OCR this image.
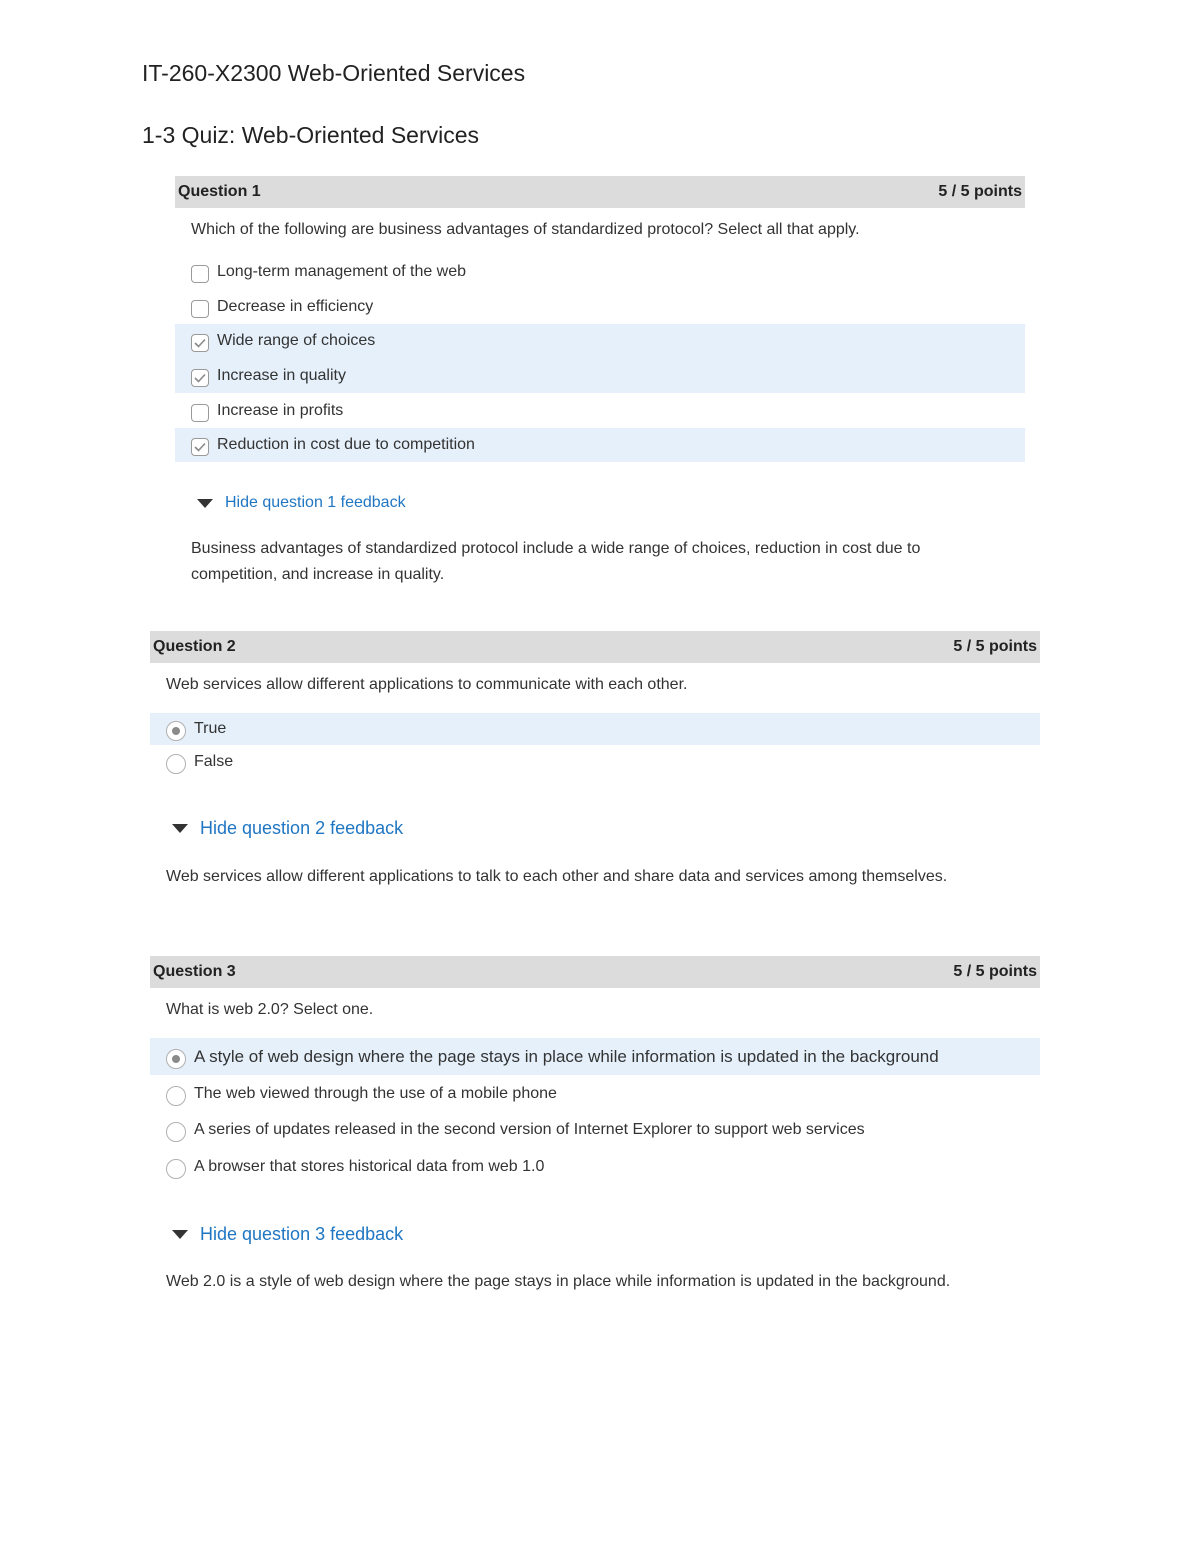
IT-260-X2300 Web-Oriented Services
1-3 Quiz: Web-Oriented Services
Question 1	5 / 5 points
Which of the following are business advantages of standardized protocol? Select all that apply.
Long-term management of the web
Decrease in efficiency
Wide range of choices
Increase in quality
Increase in profits
Reduction in cost due to competition
Hide question 1 feedback
Business advantages of standardized protocol include a wide range of choices, reduction in cost due to competition, and increase in quality.
Question 2	5 / 5 points
Web services allow different applications to communicate with each other.
True
False
Hide question 2 feedback
Web services allow different applications to talk to each other and share data and services among themselves.
Question 3	5 / 5 points
What is web 2.0? Select one.
A style of web design where the page stays in place while information is updated in the background
The web viewed through the use of a mobile phone
A series of updates released in the second version of Internet Explorer to support web services
A browser that stores historical data from web 1.0
Hide question 3 feedback
Web 2.0 is a style of web design where the page stays in place while information is updated in the background.
